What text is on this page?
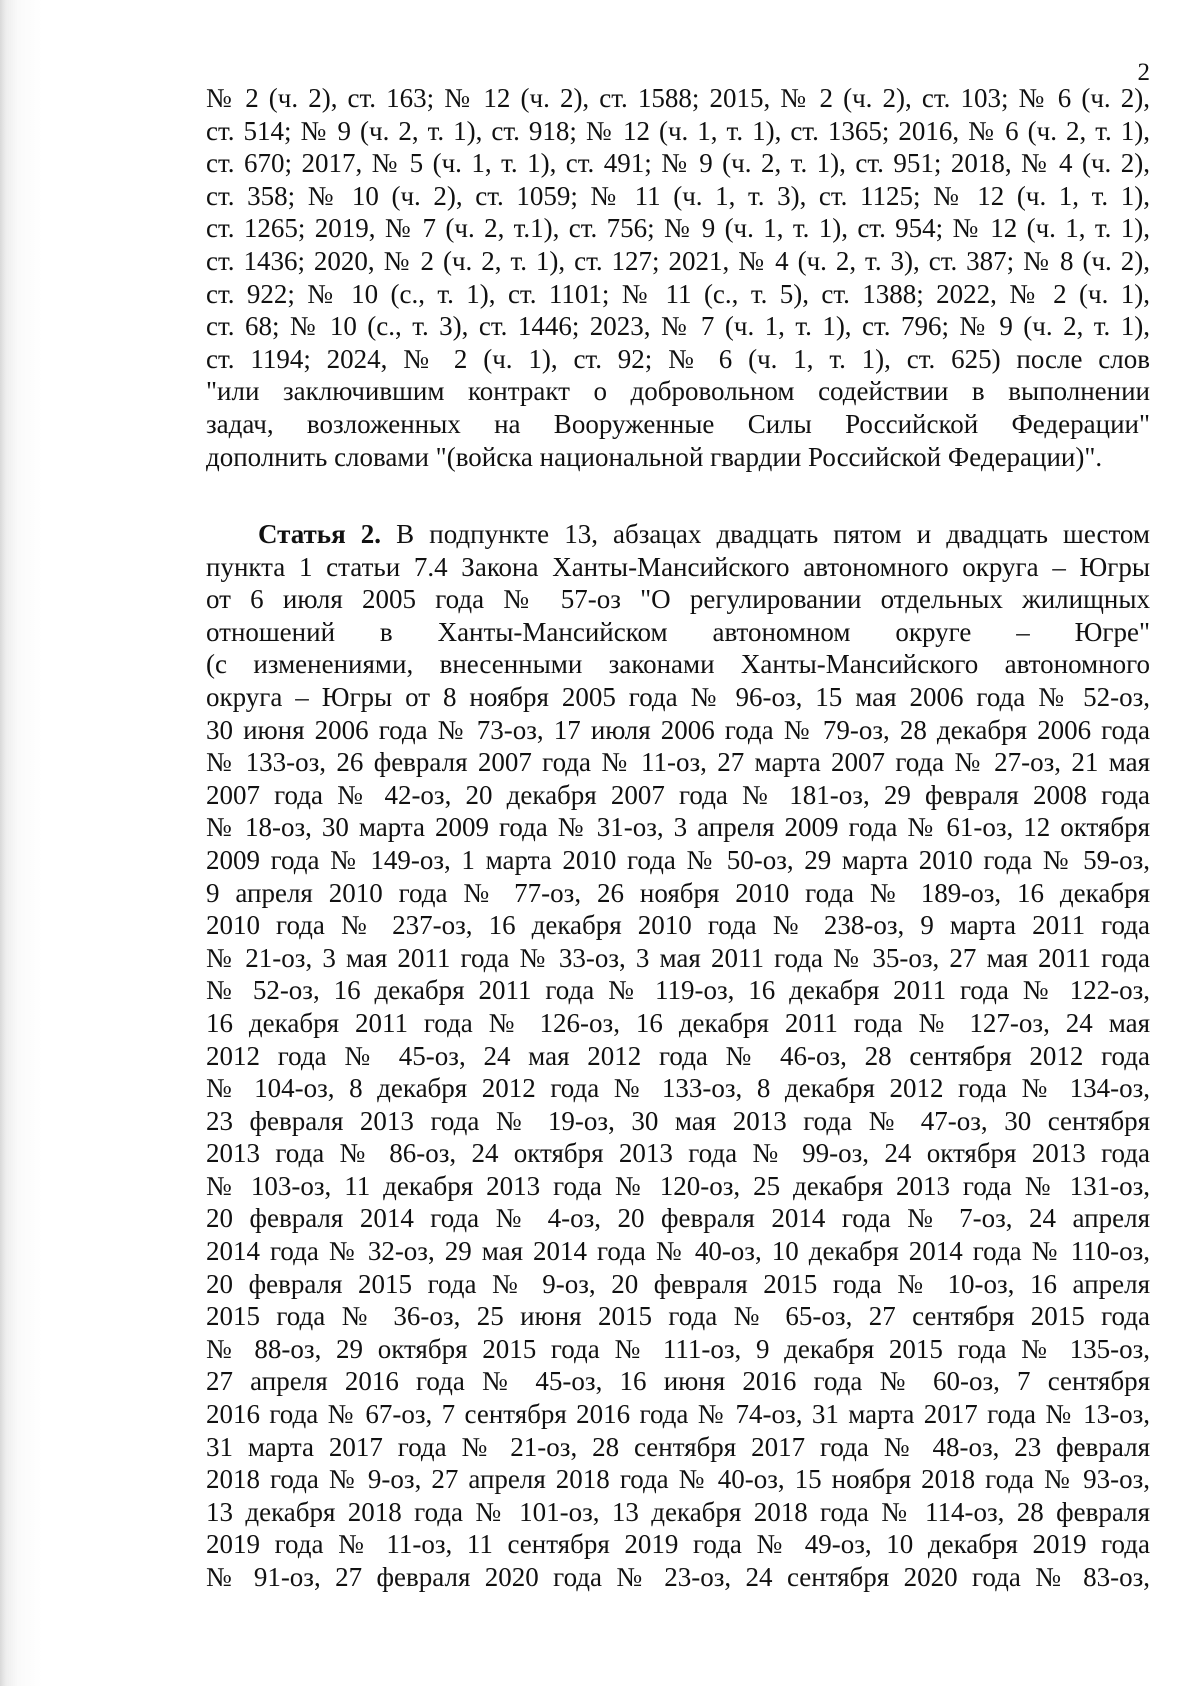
2
№ 2 (ч. 2), ст. 163; № 12 (ч. 2), ст. 1588; 2015, № 2 (ч. 2), ст. 103; № 6 (ч. 2),
ст. 514; № 9 (ч. 2, т. 1), ст. 918; № 12 (ч. 1, т. 1), ст. 1365; 2016, № 6 (ч. 2, т. 1),
ст. 670; 2017, № 5 (ч. 1, т. 1), ст. 491; № 9 (ч. 2, т. 1), ст. 951; 2018, № 4 (ч. 2),
ст. 358; № 10 (ч. 2), ст. 1059; № 11 (ч. 1, т. 3), ст. 1125; № 12 (ч. 1, т. 1),
ст. 1265; 2019, № 7 (ч. 2, т.1), ст. 756; № 9 (ч. 1, т. 1), ст. 954; № 12 (ч. 1, т. 1),
ст. 1436; 2020, № 2 (ч. 2, т. 1), ст. 127; 2021, № 4 (ч. 2, т. 3), ст. 387; № 8 (ч. 2),
ст. 922; № 10 (с., т. 1), ст. 1101; № 11 (с., т. 5), ст. 1388; 2022, № 2 (ч. 1),
ст. 68; № 10 (с., т. 3), ст. 1446; 2023, № 7 (ч. 1, т. 1), ст. 796; № 9 (ч. 2, т. 1),
ст. 1194; 2024, № 2 (ч. 1), ст. 92; № 6 (ч. 1, т. 1), ст. 625) после слов
"или заключившим контракт о добровольном содействии в выполнении
задач, возложенных на Вооруженные Силы Российской Федерации"
дополнить словами "(войска национальной гвардии Российской Федерации)".
Статья 2. В подпункте 13, абзацах двадцать пятом и двадцать шестом
пункта 1 статьи 7.4 Закона Ханты-Мансийского автономного округа – Югры
от 6 июля 2005 года № 57-оз "О регулировании отдельных жилищных
отношений в Ханты-Мансийском автономном округе – Югре"
(с изменениями, внесенными законами Ханты-Мансийского автономного
округа – Югры от 8 ноября 2005 года № 96-оз, 15 мая 2006 года № 52-оз,
30 июня 2006 года № 73-оз, 17 июля 2006 года № 79-оз, 28 декабря 2006 года
№ 133-оз, 26 февраля 2007 года № 11-оз, 27 марта 2007 года № 27-оз, 21 мая
2007 года № 42-оз, 20 декабря 2007 года № 181-оз, 29 февраля 2008 года
№ 18-оз, 30 марта 2009 года № 31-оз, 3 апреля 2009 года № 61-оз, 12 октября
2009 года № 149-оз, 1 марта 2010 года № 50-оз, 29 марта 2010 года № 59-оз,
9 апреля 2010 года № 77-оз, 26 ноября 2010 года № 189-оз, 16 декабря
2010 года № 237-оз, 16 декабря 2010 года № 238-оз, 9 марта 2011 года
№ 21-оз, 3 мая 2011 года № 33-оз, 3 мая 2011 года № 35-оз, 27 мая 2011 года
№ 52-оз, 16 декабря 2011 года № 119-оз, 16 декабря 2011 года № 122-оз,
16 декабря 2011 года № 126-оз, 16 декабря 2011 года № 127-оз, 24 мая
2012 года № 45-оз, 24 мая 2012 года № 46-оз, 28 сентября 2012 года
№ 104-оз, 8 декабря 2012 года № 133-оз, 8 декабря 2012 года № 134-оз,
23 февраля 2013 года № 19-оз, 30 мая 2013 года № 47-оз, 30 сентября
2013 года № 86-оз, 24 октября 2013 года № 99-оз, 24 октября 2013 года
№ 103-оз, 11 декабря 2013 года № 120-оз, 25 декабря 2013 года № 131-оз,
20 февраля 2014 года № 4-оз, 20 февраля 2014 года № 7-оз, 24 апреля
2014 года № 32-оз, 29 мая 2014 года № 40-оз, 10 декабря 2014 года № 110-оз,
20 февраля 2015 года № 9-оз, 20 февраля 2015 года № 10-оз, 16 апреля
2015 года № 36-оз, 25 июня 2015 года № 65-оз, 27 сентября 2015 года
№ 88-оз, 29 октября 2015 года № 111-оз, 9 декабря 2015 года № 135-оз,
27 апреля 2016 года № 45-оз, 16 июня 2016 года № 60-оз, 7 сентября
2016 года № 67-оз, 7 сентября 2016 года № 74-оз, 31 марта 2017 года № 13-оз,
31 марта 2017 года № 21-оз, 28 сентября 2017 года № 48-оз, 23 февраля
2018 года № 9-оз, 27 апреля 2018 года № 40-оз, 15 ноября 2018 года № 93-оз,
13 декабря 2018 года № 101-оз, 13 декабря 2018 года № 114-оз, 28 февраля
2019 года № 11-оз, 11 сентября 2019 года № 49-оз, 10 декабря 2019 года
№ 91-оз, 27 февраля 2020 года № 23-оз, 24 сентября 2020 года № 83-оз,
